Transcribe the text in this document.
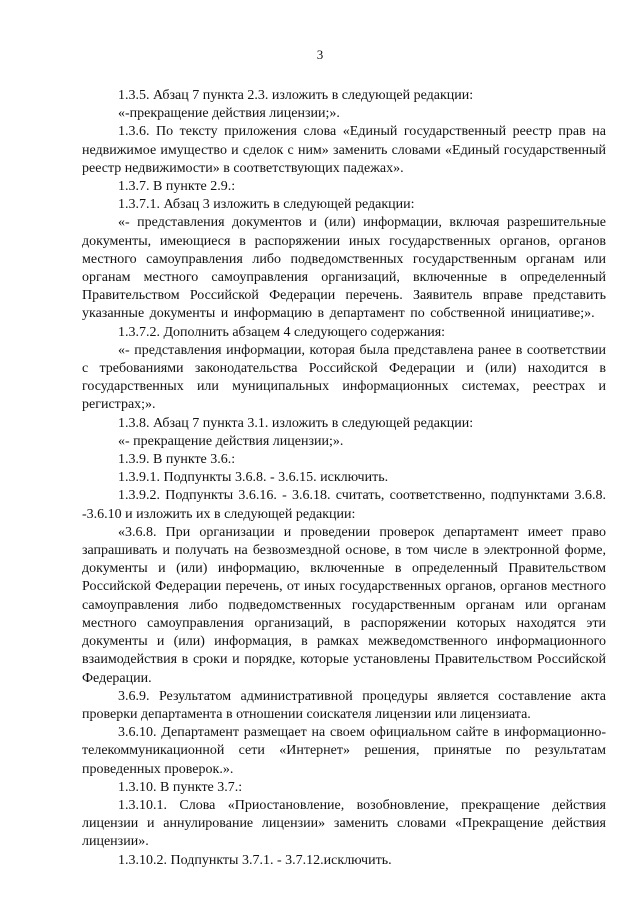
3

1.3.5. Абзац 7 пункта 2.3. изложить в следующей редакции:

«-прекращение действия лицензии;».

1.3.6. По тексту приложения слова «Единый государственный реестр прав на недвижимое имущество и сделок с ним» заменить словами «Единый государственный реестр недвижимости» в соответствующих падежах».

1.3.7. В пункте 2.9.:

1.3.7.1. Абзац 3 изложить в следующей редакции:

«- представления документов и (или) информации, включая разрешительные документы, имеющиеся в распоряжении иных государственных органов, органов местного самоуправления либо подведомственных государственным органам или органам местного самоуправления организаций, включенные в определенный Правительством Российской Федерации перечень. Заявитель вправе представить указанные документы и информацию в департамент по собственной инициативе;».

1.3.7.2. Дополнить абзацем 4 следующего содержания:

«- представления информации, которая была представлена ранее в соответствии с требованиями законодательства Российской Федерации и (или) находится в государственных или муниципальных информационных системах, реестрах и регистрах;».

1.3.8. Абзац 7 пункта 3.1. изложить в следующей редакции:

«- прекращение действия лицензии;».

1.3.9. В пункте 3.6.:

1.3.9.1. Подпункты 3.6.8. - 3.6.15. исключить.

1.3.9.2. Подпункты 3.6.16. - 3.6.18. считать, соответственно, подпунктами 3.6.8. -3.6.10 и изложить их в следующей редакции:

«3.6.8. При организации и проведении проверок департамент имеет право запрашивать и получать на безвозмездной основе, в том числе в электронной форме, документы и (или) информацию, включенные в определенный Правительством Российской Федерации перечень, от иных государственных органов, органов местного самоуправления либо подведомственных государственным органам или органам местного самоуправления организаций, в распоряжении которых находятся эти документы и (или) информация, в рамках межведомственного информационного взаимодействия в сроки и порядке, которые установлены Правительством Российской Федерации.

3.6.9. Результатом административной процедуры является составление акта проверки департамента в отношении соискателя лицензии или лицензиата.

3.6.10. Департамент размещает на своем официальном сайте в информационно-телекоммуникационной сети «Интернет» решения, принятые по результатам проведенных проверок.».

1.3.10. В пункте 3.7.:

1.3.10.1. Слова «Приостановление, возобновление, прекращение действия лицензии и аннулирование лицензии» заменить словами «Прекращение действия лицензии».

1.3.10.2. Подпункты 3.7.1. - 3.7.12.исключить.
